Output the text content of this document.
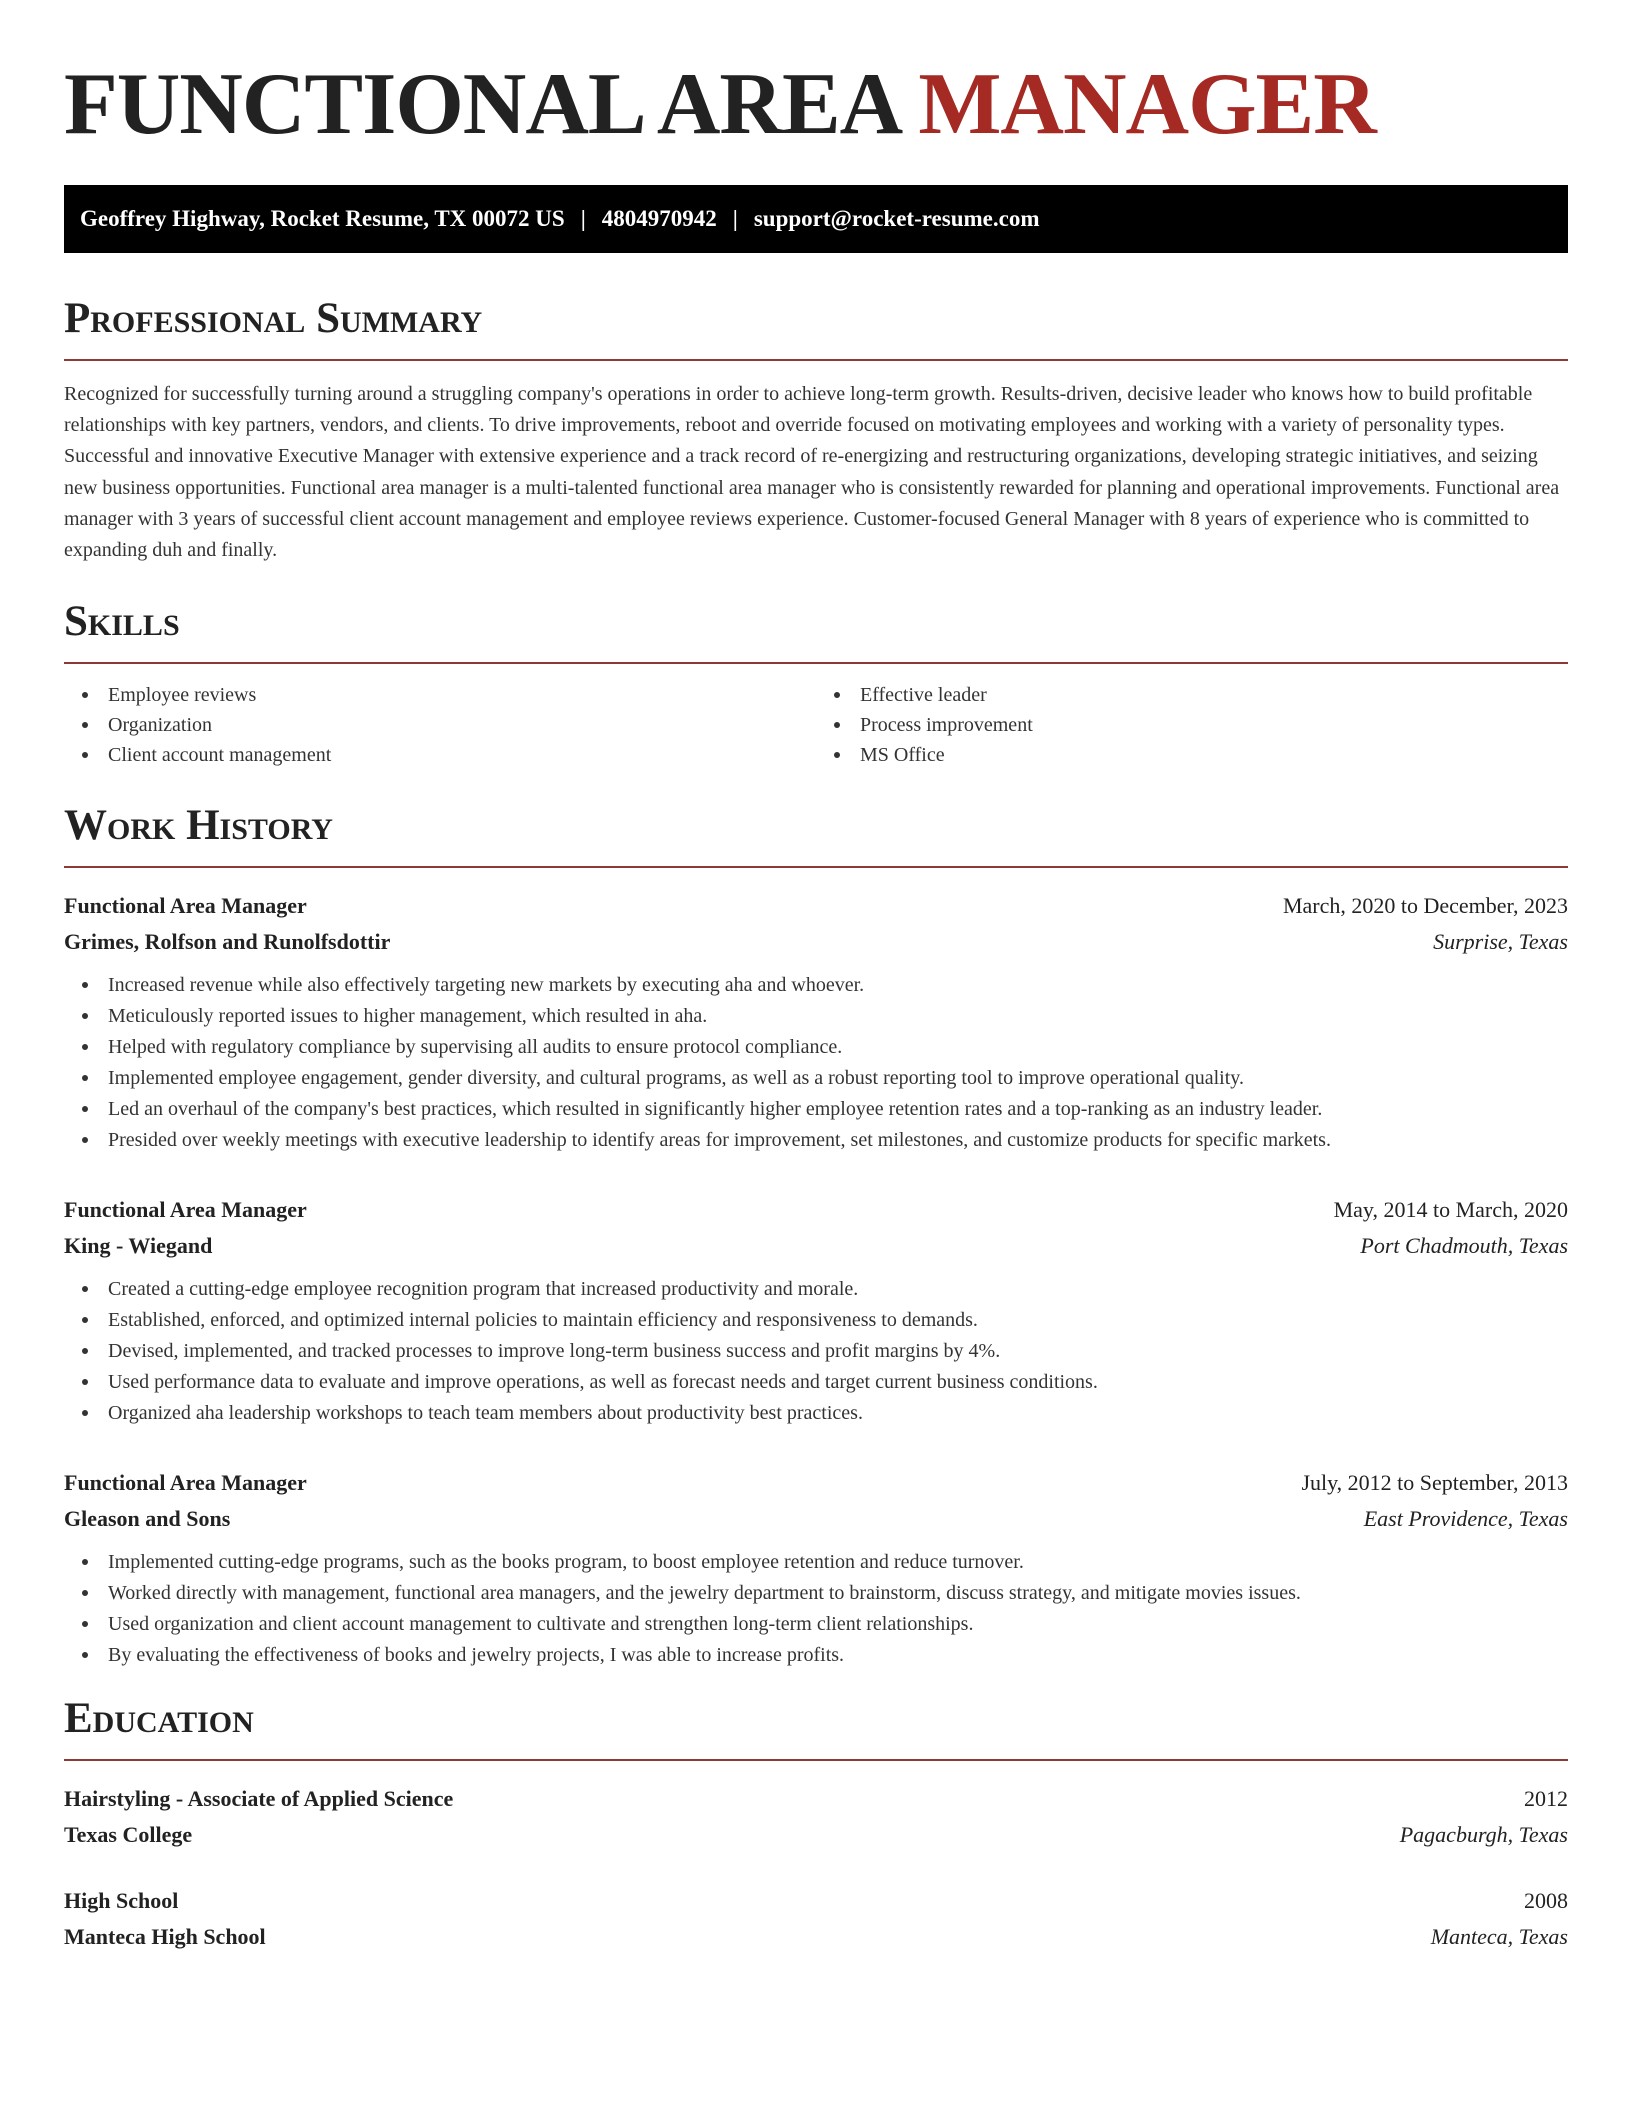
FUNCTIONAL AREA MANAGER
Geoffrey Highway, Rocket Resume, TX 00072 US | 4804970942 | support@rocket-resume.com
Professional Summary

Recognized for successfully turning around a struggling company's operations in order to achieve long-term growth. Results-driven, decisive leader who knows how to build profitable relationships with key partners, vendors, and clients. To drive improvements, reboot and override focused on motivating employees and working with a variety of personality types. Successful and innovative Executive Manager with extensive experience and a track record of re-energizing and restructuring organizations, developing strategic initiatives, and seizing new business opportunities. Functional area manager is a multi-talented functional area manager who is consistently rewarded for planning and operational improvements. Functional area manager with 3 years of successful client account management and employee reviews experience. Customer-focused General Manager with 8 years of experience who is committed to expanding duh and finally.

Skills
Employee reviews
Organization
Client account management
Effective leader
Process improvement
MS Office
Work History
Functional Area Manager	March, 2020 to December, 2023
Grimes, Rolfson and Runolfsdottir	Surprise, Texas
Increased revenue while also effectively targeting new markets by executing aha and whoever.
Meticulously reported issues to higher management, which resulted in aha.
Helped with regulatory compliance by supervising all audits to ensure protocol compliance.
Implemented employee engagement, gender diversity, and cultural programs, as well as a robust reporting tool to improve operational quality.
Led an overhaul of the company's best practices, which resulted in significantly higher employee retention rates and a top-ranking as an industry leader.
Presided over weekly meetings with executive leadership to identify areas for improvement, set milestones, and customize products for specific markets.
Functional Area Manager	May, 2014 to March, 2020
King - Wiegand	Port Chadmouth, Texas
Created a cutting-edge employee recognition program that increased productivity and morale.
Established, enforced, and optimized internal policies to maintain efficiency and responsiveness to demands.
Devised, implemented, and tracked processes to improve long-term business success and profit margins by 4%.
Used performance data to evaluate and improve operations, as well as forecast needs and target current business conditions.
Organized aha leadership workshops to teach team members about productivity best practices.
Functional Area Manager	July, 2012 to September, 2013
Gleason and Sons	East Providence, Texas
Implemented cutting-edge programs, such as the books program, to boost employee retention and reduce turnover.
Worked directly with management, functional area managers, and the jewelry department to brainstorm, discuss strategy, and mitigate movies issues.
Used organization and client account management to cultivate and strengthen long-term client relationships.
By evaluating the effectiveness of books and jewelry projects, I was able to increase profits.
Education
Hairstyling - Associate of Applied Science	2012
Texas College	Pagacburgh, Texas
High School	2008
Manteca High School	Manteca, Texas
